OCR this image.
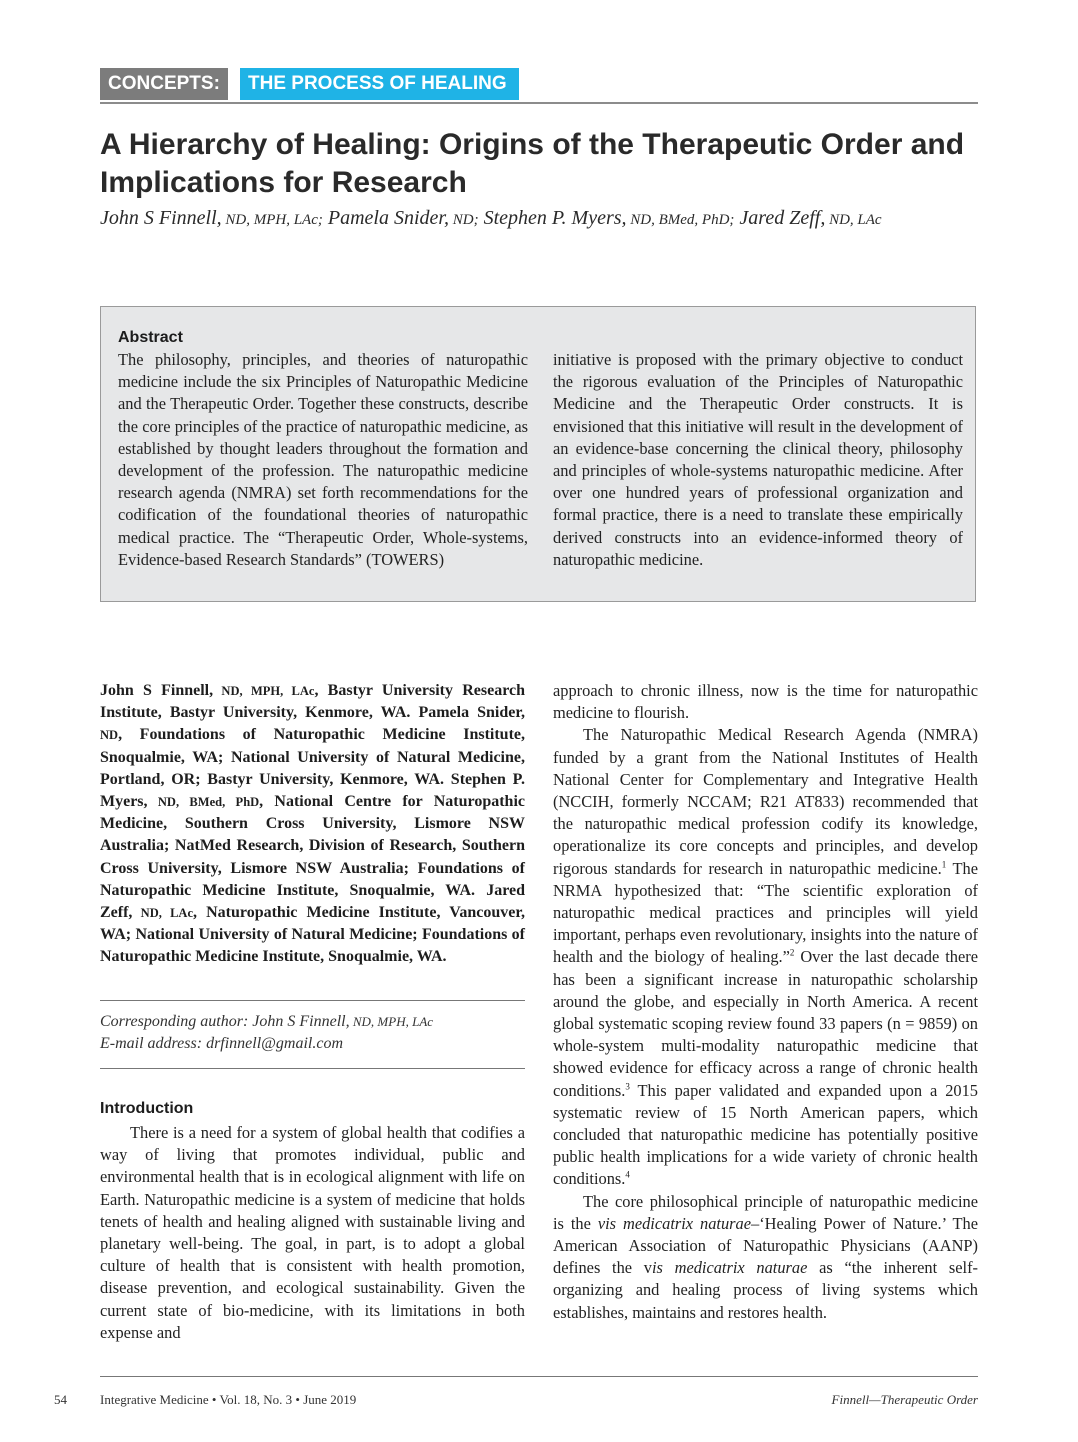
CONCEPTS:	THE PROCESS OF HEALING
A Hierarchy of Healing: Origins of the Therapeutic Order and Implications for Research
John S Finnell, ND, MPH, LAc; Pamela Snider, ND; Stephen P. Myers, ND, BMed, PhD; Jared Zeff, ND, LAc
Abstract
The philosophy, principles, and theories of naturopathic medicine include the six Principles of Naturopathic Medicine and the Therapeutic Order. Together these constructs, describe the core principles of the practice of naturopathic medicine, as established by thought leaders throughout the formation and development of the profession. The naturopathic medicine research agenda (NMRA) set forth recommendations for the codification of the foundational theories of naturopathic medical practice. The “Therapeutic Order, Whole-systems, Evidence-based Research Standards” (TOWERS)
initiative is proposed with the primary objective to conduct the rigorous evaluation of the Principles of Naturopathic Medicine and the Therapeutic Order constructs. It is envisioned that this initiative will result in the development of an evidence-base concerning the clinical theory, philosophy and principles of whole-systems naturopathic medicine. After over one hundred years of professional organization and formal practice, there is a need to translate these empirically derived constructs into an evidence-informed theory of naturopathic medicine.
John S Finnell, ND, MPH, LAc, Bastyr University Research Institute, Bastyr University, Kenmore, WA. Pamela Snider, ND, Foundations of Naturopathic Medicine Institute, Snoqualmie, WA; National University of Natural Medicine, Portland, OR; Bastyr University, Kenmore, WA. Stephen P. Myers, ND, BMed, PhD, National Centre for Naturopathic Medicine, Southern Cross University, Lismore NSW Australia; NatMed Research, Division of Research, Southern Cross University, Lismore NSW Australia; Foundations of Naturopathic Medicine Institute, Snoqualmie, WA. Jared Zeff, ND, LAc, Naturopathic Medicine Institute, Vancouver, WA; National University of Natural Medicine; Foundations of Naturopathic Medicine Institute, Snoqualmie, WA.
Corresponding author: John S Finnell, ND, MPH, LAc
E-mail address: drfinnell@gmail.com
Introduction

There is a need for a system of global health that codifies a way of living that promotes individual, public and environmental health that is in ecological alignment with life on Earth. Naturopathic medicine is a system of medicine that holds tenets of health and healing aligned with sustainable living and planetary well-being. The goal, in part, is to adopt a global culture of health that is consistent with health promotion, disease prevention, and ecological sustainability. Given the current state of bio-medicine, with its limitations in both expense and

approach to chronic illness, now is the time for naturopathic medicine to flourish.

The Naturopathic Medical Research Agenda (NMRA) funded by a grant from the National Institutes of Health National Center for Complementary and Integrative Health (NCCIH, formerly NCCAM; R21 AT833) recommended that the naturopathic medical profession codify its knowledge, operationalize its core concepts and principles, and develop rigorous standards for research in naturopathic medicine.$^1$ The NRMA hypothesized that: “The scientific exploration of naturopathic medical practices and principles will yield important, perhaps even revolutionary, insights into the nature of health and the biology of healing.”$^2$ Over the last decade there has been a significant increase in naturopathic scholarship around the globe, and especially in North America. A recent global systematic scoping review found 33 papers (n = 9859) on whole-system multi-modality naturopathic medicine that showed evidence for efficacy across a range of chronic health conditions.$^3$ This paper validated and expanded upon a 2015 systematic review of 15 North American papers, which concluded that naturopathic medicine has potentially positive public health implications for a wide variety of chronic health conditions.$^4$

The core philosophical principle of naturopathic medicine is the vis medicatrix naturae–‘Healing Power of Nature.’ The American Association of Naturopathic Physicians (AANP) defines the vis medicatrix naturae as “the inherent self-organizing and healing process of living systems which establishes, maintains and restores health.

54	Integrative Medicine • Vol. 18, No. 3 • June 2019	Finnell—Therapeutic Order
